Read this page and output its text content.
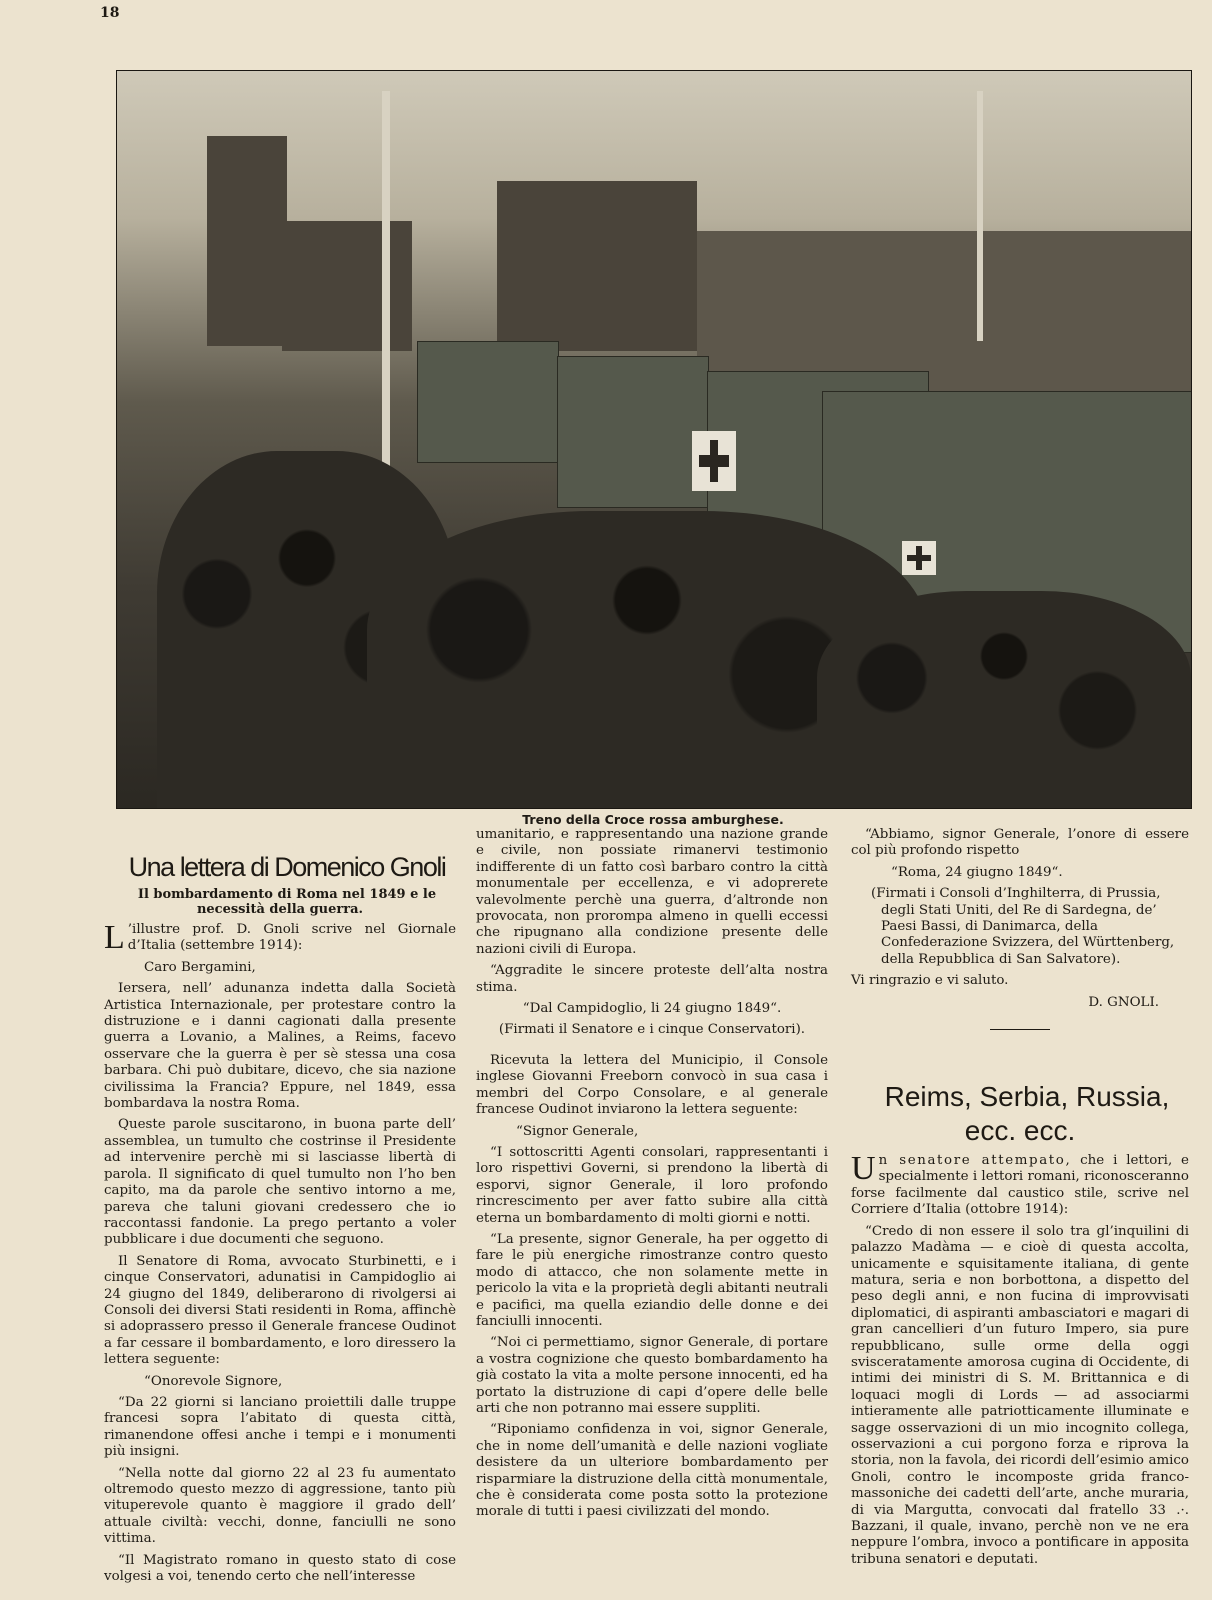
18
Treno della Croce rossa amburghese.

Una lettera di Domenico Gnoli

Il bombardamento di Roma nel 1849 e le necessità della guerra.

L ’illustre prof. D. Gnoli scrive nel Giornale d’Italia (settembre 1914):

Caro Bergamini,

Iersera, nell’ adunanza indetta dalla Società Artistica Internazionale, per protestare contro la distruzione e i danni cagionati dalla presente guerra a Lovanio, a Malines, a Reims, facevo osservare che la guerra è per sè stessa una cosa barbara. Chi può dubitare, dicevo, che sia nazione civilissima la Francia? Eppure, nel 1849, essa bombardava la nostra Roma.

Queste parole suscitarono, in buona parte dell’ assemblea, un tumulto che costrinse il Presidente ad intervenire perchè mi si lasciasse libertà di parola. Il significato di quel tumulto non l’ho ben capito, ma da parole che sentivo intorno a me, pareva che taluni giovani credessero che io raccontassi fandonie. La prego pertanto a voler pubblicare i due documenti che seguono.

Il Senatore di Roma, avvocato Sturbinetti, e i cinque Conservatori, adunatisi in Campidoglio ai 24 giugno del 1849, deliberarono di rivolgersi ai Consoli dei diversi Stati residenti in Roma, affinchè si adoprassero presso il Generale francese Oudinot a far cessare il bombardamento, e loro diressero la lettera seguente:

“Onorevole Signore,

“Da 22 giorni si lanciano proiettili dalle truppe francesi sopra l’abitato di questa città, rimanendone offesi anche i tempi e i monumenti più insigni.

“Nella notte dal giorno 22 al 23 fu aumentato oltremodo questo mezzo di aggressione, tanto più vituperevole quanto è maggiore il grado dell’ attuale civiltà: vecchi, donne, fanciulli ne sono vittima.

“Il Magistrato romano in questo stato di cose volgesi a voi, tenendo certo che nell’interesse

umanitario, e rappresentando una nazione grande e civile, non possiate rimanervi testimonio indifferente di un fatto così barbaro contro la città monumentale per eccellenza, e vi adoprerete valevolmente perchè una guerra, d’altronde non provocata, non prorompa almeno in quelli eccessi che ripugnano alla condizione presente delle nazioni civili di Europa.

“Aggradite le sincere proteste dell’alta nostra stima.

“Dal Campidoglio, li 24 giugno 1849“.

(Firmati il Senatore e i cinque Conservatori).

Ricevuta la lettera del Municipio, il Console inglese Giovanni Freeborn convocò in sua casa i membri del Corpo Consolare, e al generale francese Oudinot inviarono la lettera seguente:

“Signor Generale,

“I sottoscritti Agenti consolari, rappresentanti i loro rispettivi Governi, si prendono la libertà di esporvi, signor Generale, il loro profondo rincrescimento per aver fatto subire alla città eterna un bombardamento di molti giorni e notti.

“La presente, signor Generale, ha per oggetto di fare le più energiche rimostranze contro questo modo di attacco, che non solamente mette in pericolo la vita e la proprietà degli abitanti neutrali e pacifici, ma quella eziandio delle donne e dei fanciulli innocenti.

“Noi ci permettiamo, signor Generale, di portare a vostra cognizione che questo bombardamento ha già costato la vita a molte persone innocenti, ed ha portato la distruzione di capi d’opere delle belle arti che non potranno mai essere suppliti.

“Riponiamo confidenza in voi, signor Generale, che in nome dell’umanità e delle nazioni vogliate desistere da un ulteriore bombardamento per risparmiare la distruzione della città monumentale, che è considerata come posta sotto la protezione morale di tutti i paesi civilizzati del mondo.

“Abbiamo, signor Generale, l’onore di essere col più profondo rispetto

“Roma, 24 giugno 1849“.

(Firmati i Consoli d’Inghilterra, di Prussia, degli Stati Uniti, del Re di Sardegna, de’ Paesi Bassi, di Danimarca, della Confederazione Svizzera, del Württenberg, della Repubblica di San Salvatore).

Vi ringrazio e vi saluto.

D. GNOLI.

Reims, Serbia, Russia,
ecc. ecc.

Un senatore attempato, che i lettori, e specialmente i lettori romani, riconosceranno forse facilmente dal caustico stile, scrive nel Corriere d’Italia (ottobre 1914):

“Credo di non essere il solo tra gl’inquilini di palazzo Madàma — e cioè di questa accolta, unicamente e squisitamente italiana, di gente matura, seria e non borbottona, a dispetto del peso degli anni, e non fucina di improvvisati diplomatici, di aspiranti ambasciatori e magari di gran cancellieri d’un futuro Impero, sia pure repubblicano, sulle orme della oggi svisceratamente amorosa cugina di Occidente, di intimi dei ministri di S. M. Brittannica e di loquaci mogli di Lords — ad associarmi intieramente alle patriotticamente illuminate e sagge osservazioni di un mio incognito collega, osservazioni a cui porgono forza e riprova la storia, non la favola, dei ricordi dell’esimio amico Gnoli, contro le incomposte grida franco-massoniche dei cadetti dell’arte, anche muraria, di via Margutta, convocati dal fratello 33 .·. Bazzani, il quale, invano, perchè non ve ne era neppure l’ombra, invoco a pontificare in apposita tribuna senatori e deputati.
